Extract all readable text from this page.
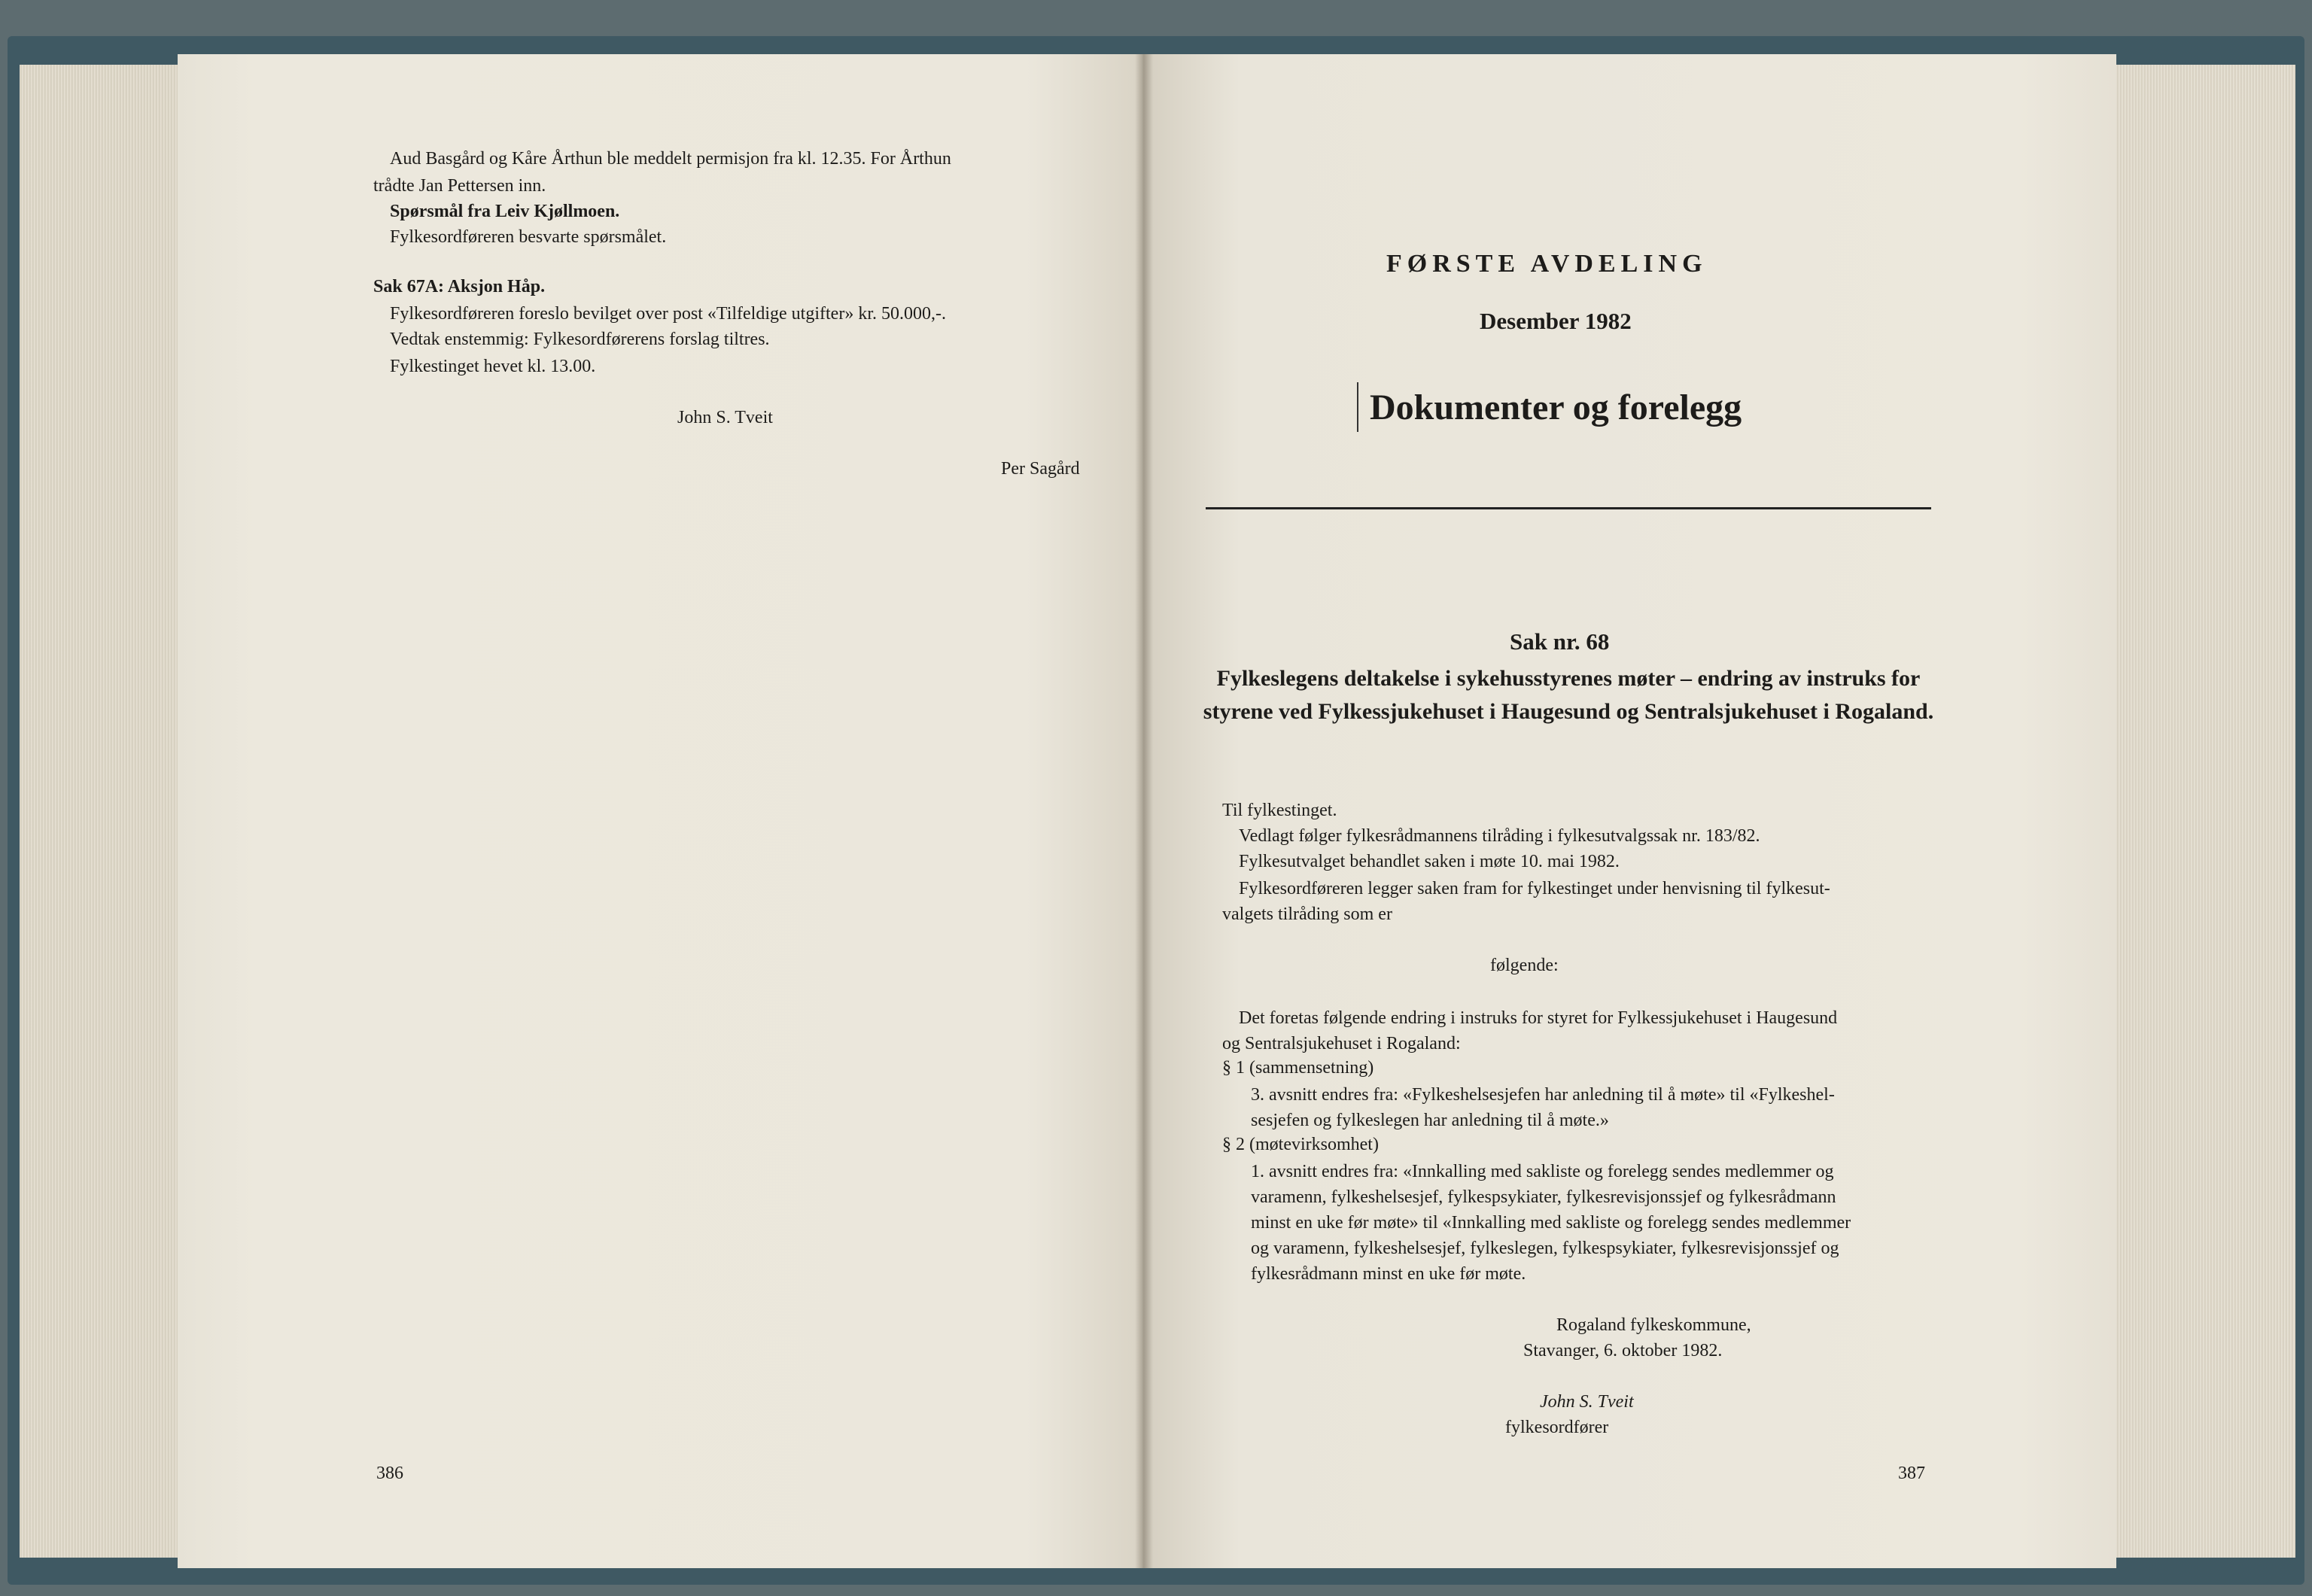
Aud Basgård og Kåre Årthun ble meddelt permisjon fra kl. 12.35. For Årthun
trådte Jan Pettersen inn.
Spørsmål fra Leiv Kjøllmoen.
Fylkesordføreren besvarte spørsmålet.
Sak 67A: Aksjon Håp.
Fylkesordføreren foreslo bevilget over post «Tilfeldige utgifter» kr. 50.000,-.
Vedtak enstemmig: Fylkesordførerens forslag tiltres.
Fylkestinget hevet kl. 13.00.
John S. Tveit
Per Sagård
386
FØRSTE AVDELING
Desember 1982
Dokumenter og forelegg
Sak nr. 68
Fylkeslegens deltakelse i sykehusstyrenes møter – endring av instruks for styrene ved Fylkessjukehuset i Haugesund og Sentralsjukehuset i Rogaland.
Til fylkestinget.
Vedlagt følger fylkesrådmannens tilråding i fylkesutvalgssak nr. 183/82.
Fylkesutvalget behandlet saken i møte 10. mai 1982.
Fylkesordføreren legger saken fram for fylkestinget under henvisning til fylkesut-
valgets tilråding som er
følgende:
Det foretas følgende endring i instruks for styret for Fylkessjukehuset i Haugesund
og Sentralsjukehuset i Rogaland:
§ 1 (sammensetning)
3. avsnitt endres fra: «Fylkeshelsesjefen har anledning til å møte» til «Fylkeshel-
sesjefen og fylkeslegen har anledning til å møte.»
§ 2 (møtevirksomhet)
1. avsnitt endres fra: «Innkalling med sakliste og forelegg sendes medlemmer og
varamenn, fylkeshelsesjef, fylkespsykiater, fylkesrevisjonssjef og fylkesrådmann
minst en uke før møte» til «Innkalling med sakliste og forelegg sendes medlemmer
og varamenn, fylkeshelsesjef, fylkeslegen, fylkespsykiater, fylkesrevisjonssjef og
fylkesrådmann minst en uke før møte.
Rogaland fylkeskommune,
Stavanger, 6. oktober 1982.
John S. Tveit
fylkesordfører
387
